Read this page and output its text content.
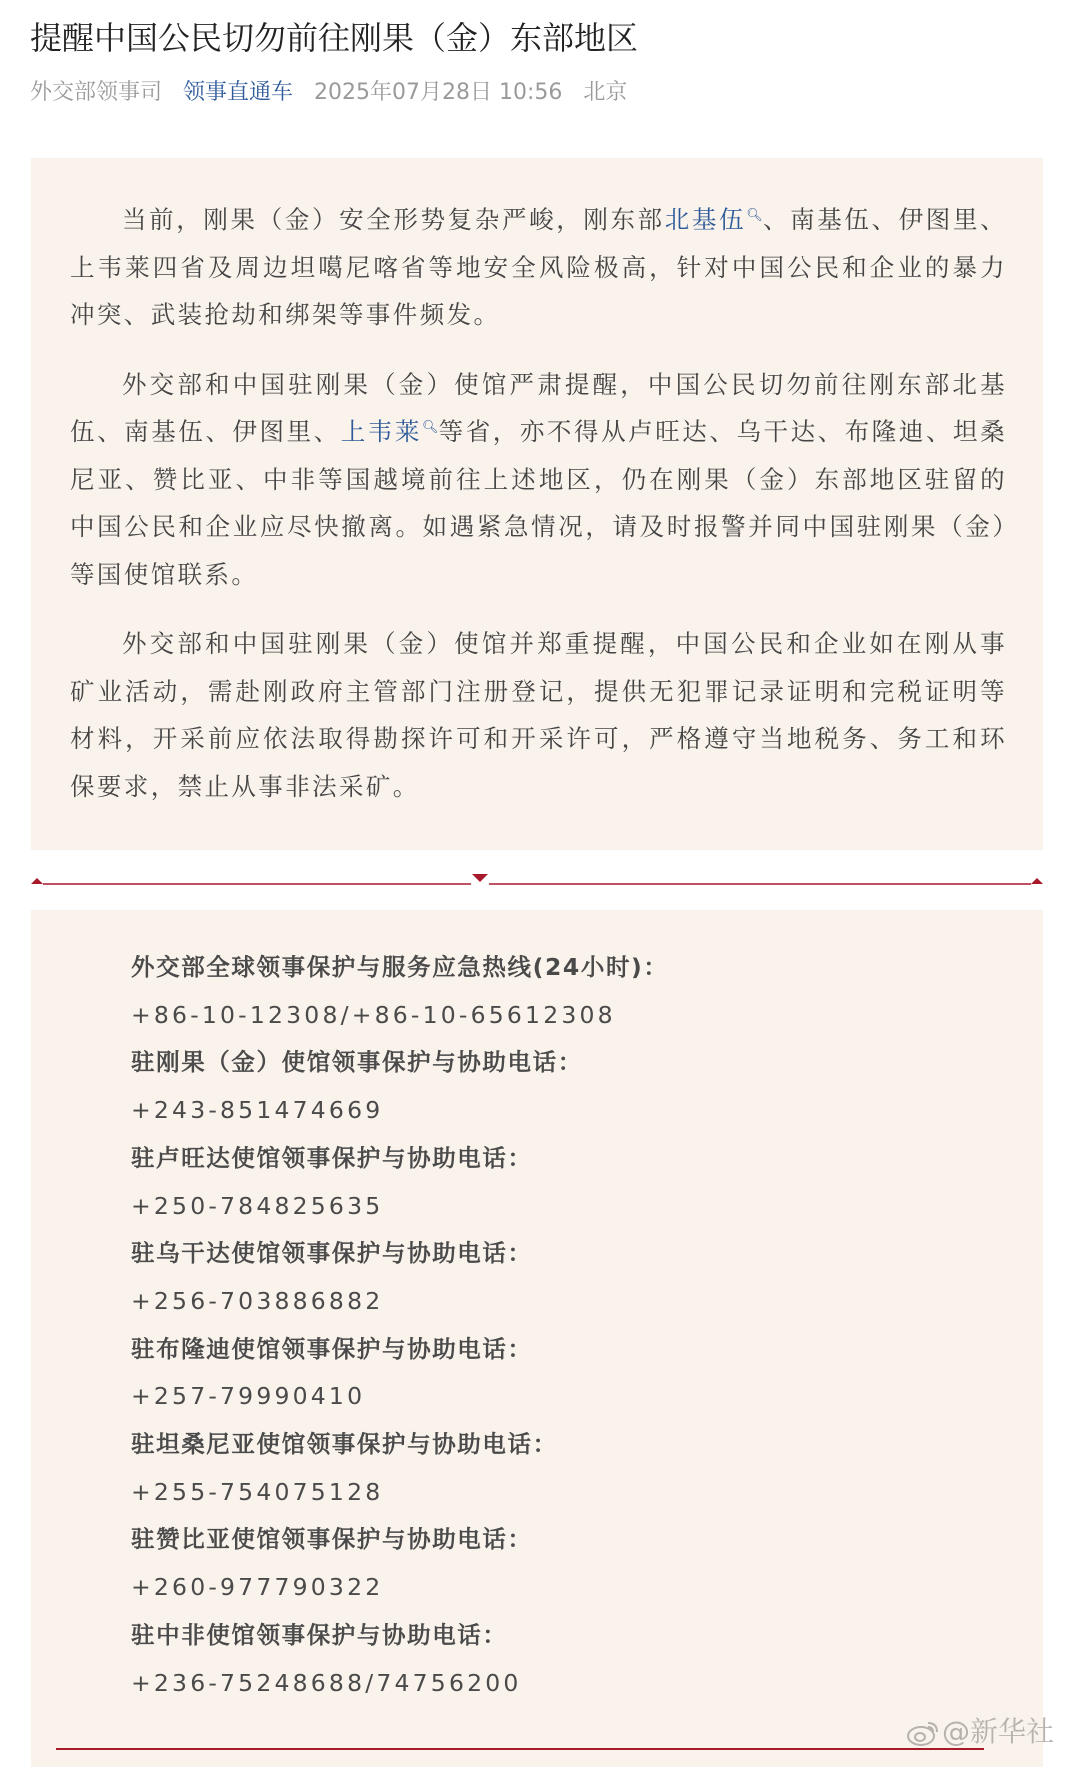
提醒中国公民切勿前往刚果（金）东部地区
外交部领事司 领事直通车 2025年07月28日 10:56 北京

当前，刚果（金）安全形势复杂严峻，刚东部北基伍🔍︎、南基伍、伊图里、上韦莱四省及周边坦噶尼喀省等地安全风险极高，针对中国公民和企业的暴力冲突、武装抢劫和绑架等事件频发。

外交部和中国驻刚果（金）使馆严肃提醒，中国公民切勿前往刚东部北基伍、南基伍、伊图里、上韦莱🔍︎等省，亦不得从卢旺达、乌干达、布隆迪、坦桑尼亚、赞比亚、中非等国越境前往上述地区，仍在刚果（金）东部地区驻留的中国公民和企业应尽快撤离。如遇紧急情况，请及时报警并同中国驻刚果（金）等国使馆联系。

外交部和中国驻刚果（金）使馆并郑重提醒，中国公民和企业如在刚从事矿业活动，需赴刚政府主管部门注册登记，提供无犯罪记录证明和完税证明等材料，开采前应依法取得勘探许可和开采许可，严格遵守当地税务、务工和环保要求，禁止从事非法采矿。

外交部全球领事保护与服务应急热线(24小时)：
+86-10-12308/+86-10-65612308
驻刚果（金）使馆领事保护与协助电话：
+243-851474669
驻卢旺达使馆领事保护与协助电话：
+250-784825635
驻乌干达使馆领事保护与协助电话：
+256-703886882
驻布隆迪使馆领事保护与协助电话：
+257-79990410
驻坦桑尼亚使馆领事保护与协助电话：
+255-754075128
驻赞比亚使馆领事保护与协助电话：
+260-977790322
驻中非使馆领事保护与协助电话：
+236-75248688/74756200
@新华社
